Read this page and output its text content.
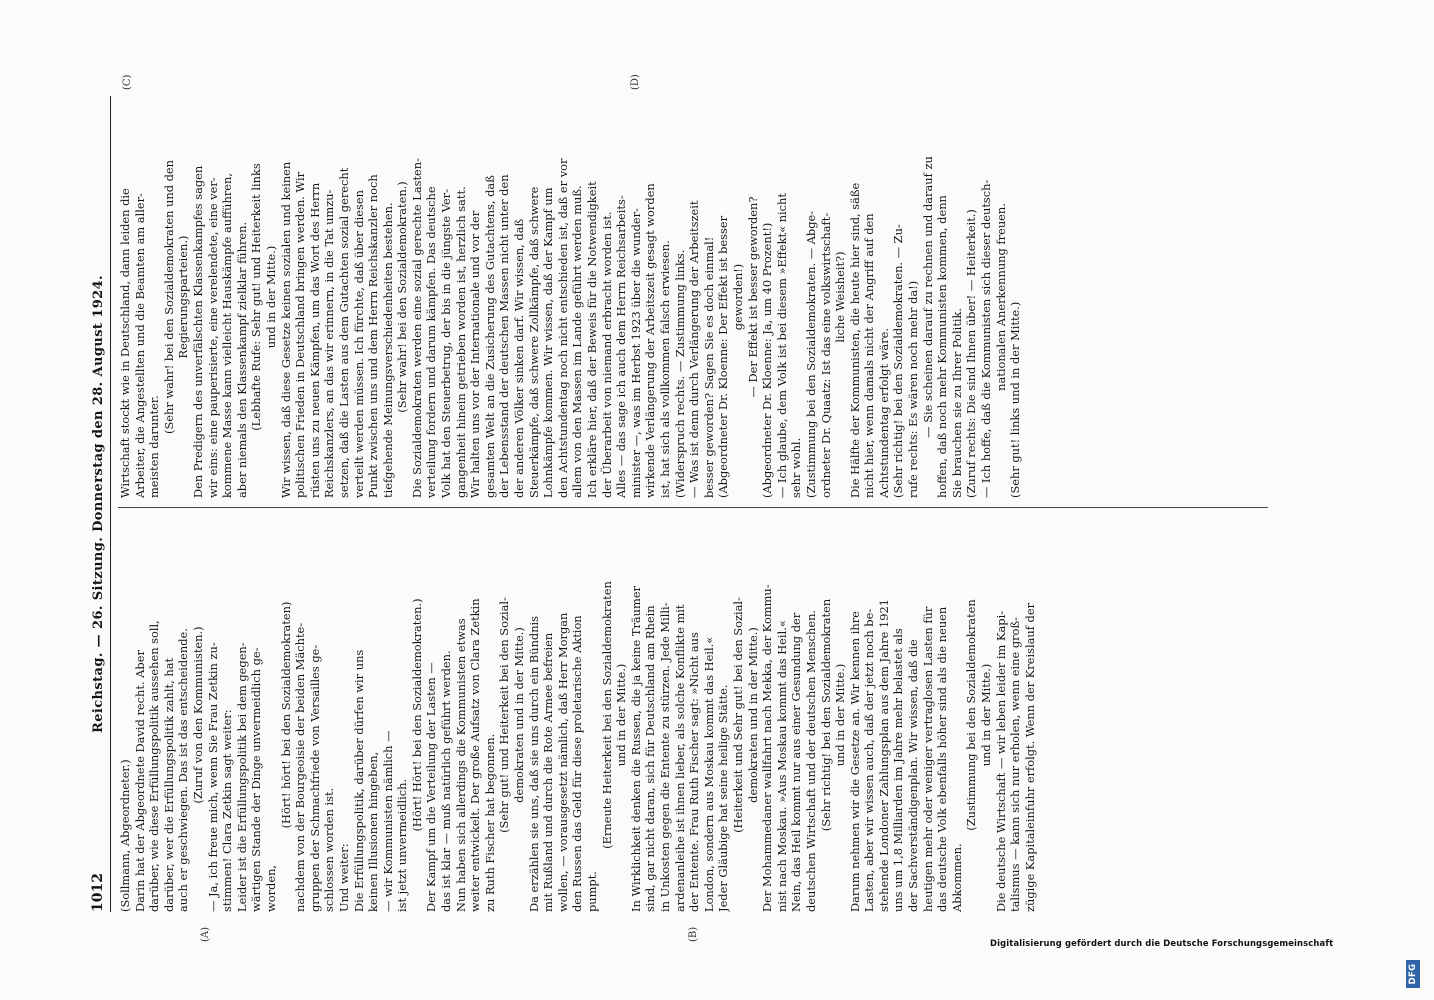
1012
Reichstag. — 26. Sitzung. Donnerstag den 28. August 1924.
(A)	(B)
(C)	(D)

(Sollmann, Abgeordneter.) Darin hat der Abgeordnete David recht. Aber darüber, wie diese Erfüllungspolitik aussehen soll, darüber, wer die Erfüllungspolitik zahlt, hat auch er geschwiegen. Das ist das entscheidende. (Zuruf von den Kommunisten.) — Ja, ich freue mich, wenn Sie Frau Zetkin zu- stimmen! Clara Zetkin sagt weiter: Leider ist die Erfüllungspolitik bei dem gegen- wärtigen Stande der Dinge unvermeidlich ge- worden,

(Hört! hört! bei den Sozialdemokraten) nachdem von der Bourgeoisie der beiden Mächte- gruppen der Schmachfriede von Versailles ge- schlossen worden ist. Und weiter: Die Erfüllungspolitik, darüber dürfen wir uns keinen Illusionen hingeben, — wir Kommunisten nämlich — ist jetzt unvermeidlich.

(Hört! Hört! bei den Sozialdemokraten.) Der Kampf um die Verteilung der Lasten — das ist klar — muß natürlich geführt werden. Nun haben sich allerdings die Kommunisten etwas weiter entwickelt. Der große Aufsatz von Clara Zetkin zu Ruth Fischer hat begonnen. (Sehr gut! und Heiterkeit bei den Sozial- demokraten und in der Mitte.) Da erzählen sie uns, daß sie uns durch ein Bündnis mit Rußland und durch die Rote Armee befreien wollen, — vorausgesetzt nämlich, daß Herr Morgan den Russen das Geld für diese proletarische Aktion pumpt.

(Erneute Heiterkeit bei den Sozialdemokraten und in der Mitte.) In Wirklichkeit denken die Russen, die ja keine Träumer sind, gar nicht daran, sich für Deutschland am Rhein in Unkosten gegen die Entente zu stürzen. Jede Milli- ardenanleihe ist ihnen lieber, als solche Konflikte mit der Entente. Frau Ruth Fischer sagt: »Nicht aus London, sondern aus Moskau kommt das Heil.« Jeder Gläubige hat seine heilige Stätte. (Heiterkeit und Sehr gut! bei den Sozial- demokraten und in der Mitte.) Der Mohammedaner wallfahrt nach Mekka, der Kommu- nist nach Moskau. »Aus Moskau kommt das Heil.« Nein, das Heil kommt nur aus einer Gesundung der deutschen Wirtschaft und der deutschen Menschen. (Sehr richtig! bei den Sozialdemokraten und in der Mitte.) Darum nehmen wir die Gesetze an. Wir kennen ihre Lasten, aber wir wissen auch, daß der jetzt noch be- stehende Londoner Zahlungsplan aus dem Jahre 1921 uns um 1,8 Milliarden im Jahre mehr belastet als der Sachverständigenplan. Wir wissen, daß die heutigen mehr oder weniger vertraglosen Lasten für das deutsche Volk ebenfalls höher sind als die neuen Abkommen.

(Zustimmung bei den Sozialdemokraten und in der Mitte.) Die deutsche Wirtschaft — wir leben leider im Kapi- talismus — kann sich nur erholen, wenn eine groß- zügige Kapitaleinfuhr erfolgt. Wenn der Kreislauf der

Wirtschaft stockt wie in Deutschland, dann leiden die Arbeiter, die Angestellten und die Beamten am aller- meisten darunter.

(Sehr wahr! bei den Sozialdemokraten und den Regierungsparteien.) Den Predigern des unverfälschten Klassenkampfes sagen wir eins: eine pauperisierte, eine verelendete, eine ver- kommene Masse kann vielleicht Hauskämpfe aufführen, aber niemals den Klassenkampf zielklar führen. (Lebhafte Rufe: Sehr gut! und Heiterkeit links und in der Mitte.) Wir wissen, daß diese Gesetze keinen sozialen und keinen politischen Frieden in Deutschland bringen werden. Wir rüsten uns zu neuen Kämpfen, um das Wort des Herrn Reichskanzlers, an das wir erinnern, in die Tat umzu- setzen, daß die Lasten aus dem Gutachten sozial gerecht verteilt werden müssen. Ich fürchte, daß über diesen Punkt zwischen uns und dem Herrn Reichskanzler noch tiefgehende Meinungsverschiedenheiten bestehen. (Sehr wahr! bei den Sozialdemokraten.) Die Sozialdemokraten werden eine sozial gerechte Lasten- verteilung fordern und darum kämpfen. Das deutsche Volk hat den Steuerbetrug, der bis in die jüngste Ver- gangenheit hinein getrieben worden ist, herzlich satt. Wir halten uns vor der Internationale und vor der gesamten Welt an die Zusicherung des Gutachtens, daß der Lebensstand der deutschen Massen nicht unter den der anderen Völker sinken darf. Wir wissen, daß Steuerkämpfe, daß schwere Zollkämpfe, daß schwere Lohnkämpfe kommen. Wir wissen, daß der Kampf um den Achtstundentag noch nicht entschieden ist, daß er vor allem von den Massen im Lande geführt werden muß. Ich erkläre hier, daß der Beweis für die Notwendigkeit der Überarbeit von niemand erbracht worden ist. Alles — das sage ich auch dem Herrn Reichsarbeits- minister —, was im Herbst 1923 über die wunder- wirkende Verlängerung der Arbeitszeit gesagt worden ist, hat sich als vollkommen falsch erwiesen. (Widerspruch rechts. — Zustimmung links. — Was ist denn durch Verlängerung der Arbeitszeit besser geworden? Sagen Sie es doch einmal! (Abgeordneter Dr. Kloenne: Der Effekt ist besser geworden!) — Der Effekt ist besser geworden? (Abgeordneter Dr. Kloenne: Ja, um 40 Prozent!) — Ich glaube, dem Volk ist bei diesem »Effekt« nicht sehr wohl. (Zustimmung bei den Sozialdemokraten. — Abge- ordneter Dr. Quaatz: Ist das eine volkswirtschaft- liche Weisheit?) Die Hälfte der Kommunisten, die heute hier sind, säße nicht hier, wenn damals nicht der Angriff auf den Achtstundentag erfolgt wäre. (Sehr richtig! bei den Sozialdemokraten. — Zu- rufe rechts: Es wären noch mehr da!) — Sie scheinen darauf zu rechnen und darauf zu hoffen, daß noch mehr Kommunisten kommen, denn Sie brauchen sie zu Ihrer Politik. (Zuruf rechts: Die sind Ihnen über! — Heiterkeit.) — Ich hoffe, daß die Kommunisten sich dieser deutsch- nationalen Anerkennung freuen.

(Sehr gut! links und in der Mitte.)

DFG
Digitalisierung gefördert durch die Deutsche Forschungsgemeinschaft
